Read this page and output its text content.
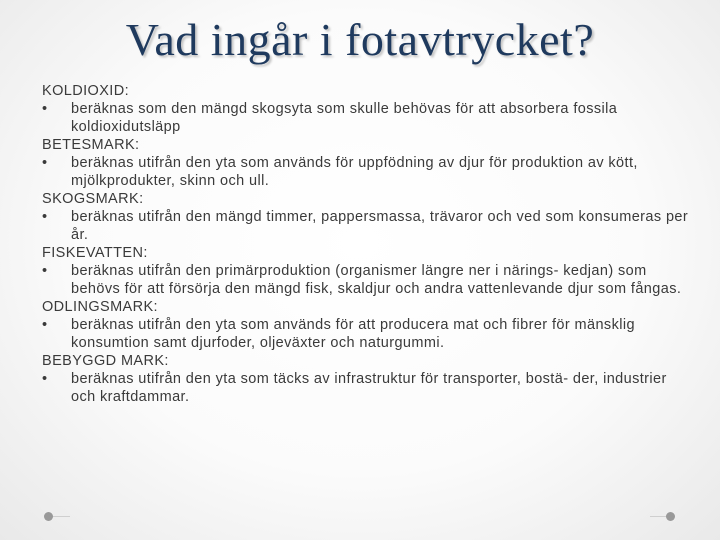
Vad ingår i fotavtrycket?

KOLDIOXID:

•	beräknas som den mängd skogsyta som skulle behövas för att absorbera fossila koldioxidutsläpp

BETESMARK:

•	beräknas utifrån den yta som används för uppfödning av djur för produktion av kött, mjölkprodukter, skinn och ull.

SKOGSMARK:

•	beräknas utifrån den mängd timmer, pappersmassa, trävaror och ved som konsumeras per år.

FISKEVATTEN:

•	beräknas utifrån den primärproduktion (organismer längre ner i närings- kedjan) som behövs för att försörja den mängd fisk, skaldjur och andra vattenlevande djur som fångas.

ODLINGSMARK:

•	beräknas utifrån den yta som används för att producera mat och fibrer för mänsklig konsumtion samt djurfoder, oljeväxter och naturgummi.

BEBYGGD MARK:

•	beräknas utifrån den yta som täcks av infrastruktur för transporter, bostä- der, industrier och kraftdammar.
